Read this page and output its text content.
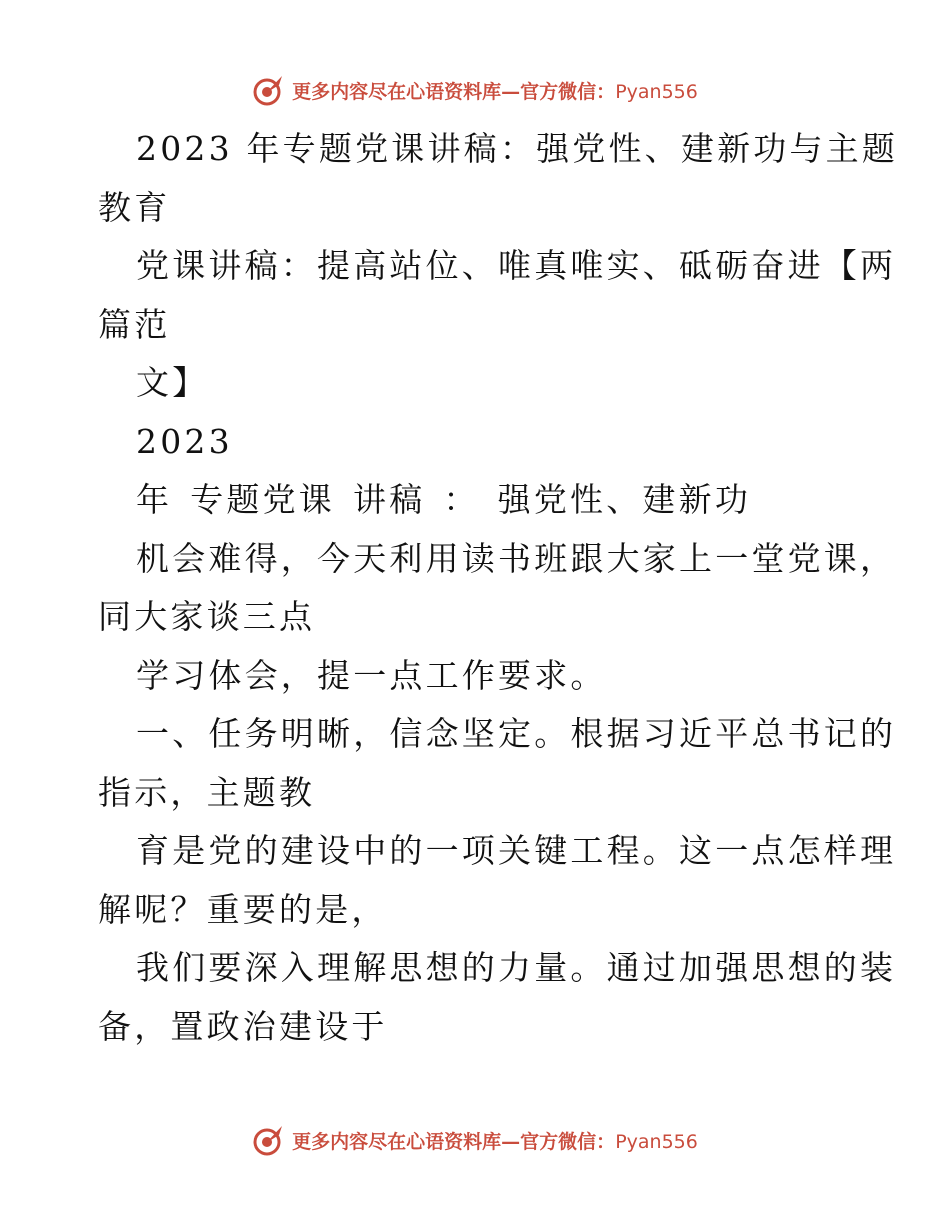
更多内容尽在心语资料库—官方微信：Pyan556
2023 年专题党课讲稿：强党性、建新功与主题
教育
党课讲稿：提高站位、唯真唯实、砥砺奋进【两
篇范
文】
2023
年 专题党课 讲稿 ： 强党性、建新功
机会难得，今天利用读书班跟大家上一堂党课，
同大家谈三点
学习体会，提一点工作要求。
一、任务明晰，信念坚定。根据习近平总书记的
指示，主题教
育是党的建设中的一项关键工程。这一点怎样理
解呢？重要的是，
我们要深入理解思想的力量。通过加强思想的装
备，置政治建设于
更多内容尽在心语资料库—官方微信：Pyan556
